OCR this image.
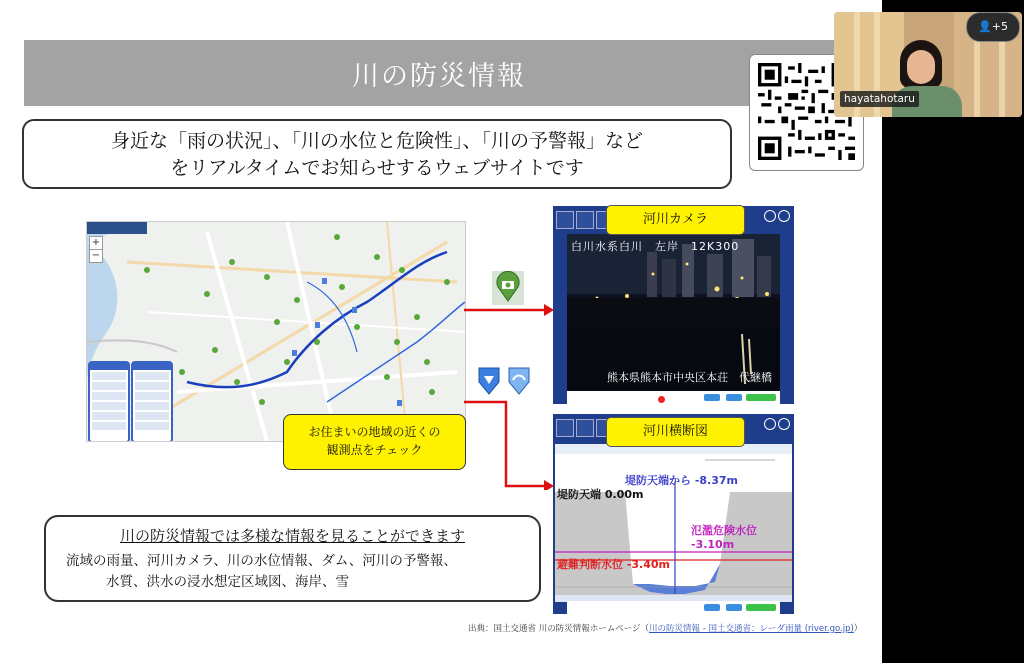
川の防災情報

身近な「雨の状況」、「川の水位と危険性」、「川の予警報」など

をリアルタイムでお知らせするウェブサイトです

+
−
白川水系白川　左岸　12K300
熊本県熊本市中央区本荘　代継橋
河川カメラ
堤防天端から -8.37m
堤防天端 0.00m
氾濫危険水位 -3.10m
避難判断水位 -3.40m
河川横断図
お住まいの地域の近くの
観測点をチェック
川の防災情報では多様な情報を見ることができます
流域の雨量、河川カメラ、川の水位情報、ダム、河川の予警報、
水質、洪水の浸水想定区域図、海岸、雪
出典：国土交通省 川の防災情報ホームページ（川の防災情報 - 国土交通省：レーダ雨量 (river.go.jp)）
hayatahotaru
👤+5
